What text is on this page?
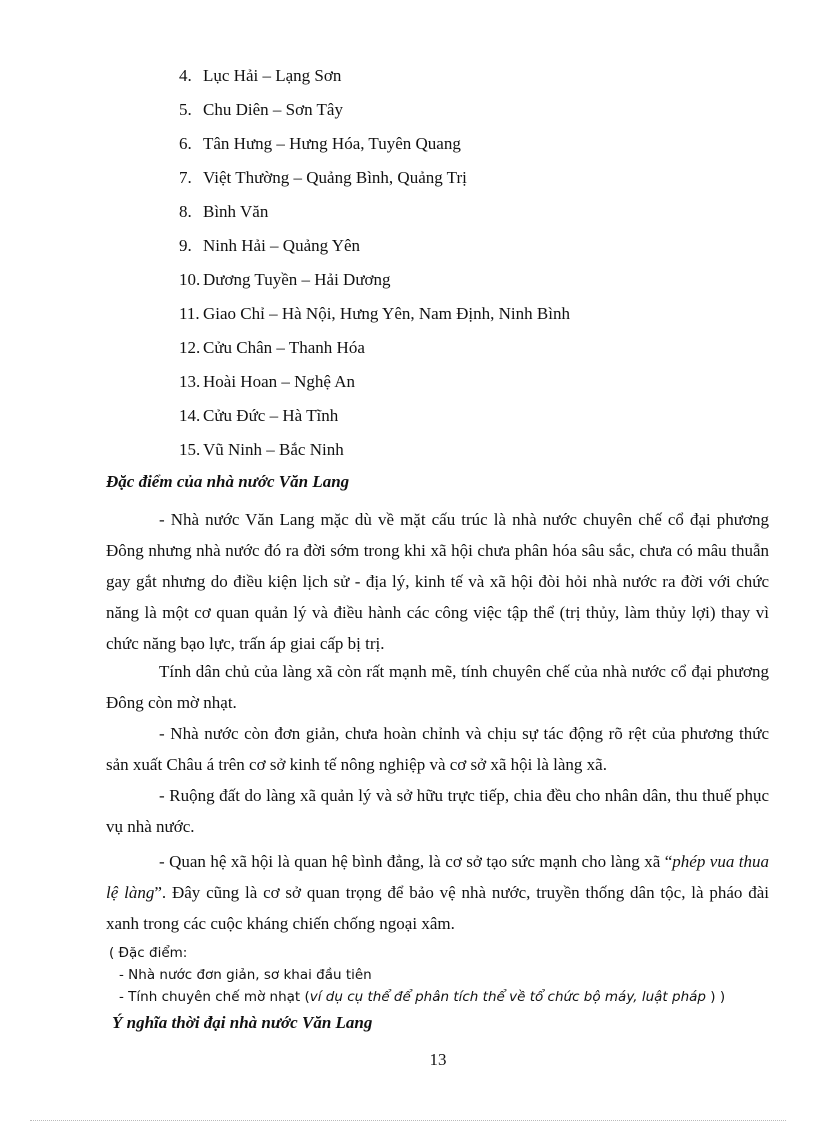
4. Lục Hải – Lạng Sơn
5. Chu Diên – Sơn Tây
6. Tân Hưng – Hưng Hóa, Tuyên Quang
7. Việt Thường – Quảng Bình, Quảng Trị
8. Bình Văn
9. Ninh Hải – Quảng Yên
10. Dương Tuyền – Hải Dương
11. Giao Chỉ – Hà Nội, Hưng Yên, Nam Định, Ninh Bình
12. Cửu Chân – Thanh Hóa
13. Hoài Hoan – Nghệ An
14. Cửu Đức – Hà Tĩnh
15. Vũ Ninh – Bắc Ninh
Đặc điểm của nhà nước Văn Lang

- Nhà nước Văn Lang mặc dù về mặt cấu trúc là nhà nước chuyên chế cổ đại phương Đông nhưng nhà nước đó ra đời sớm trong khi xã hội chưa phân hóa sâu sắc, chưa có mâu thuẫn gay gắt nhưng do điều kiện lịch sử - địa lý, kinh tế và xã hội đòi hỏi nhà nước ra đời với chức năng là một cơ quan quản lý và điều hành các công việc tập thể (trị thủy, làm thủy lợi) thay vì chức năng bạo lực, trấn áp giai cấp bị trị.

Tính dân chủ của làng xã còn rất mạnh mẽ, tính chuyên chế của nhà nước cổ đại phương Đông còn mờ nhạt.

- Nhà nước còn đơn giản, chưa hoàn chỉnh và chịu sự tác động rõ rệt của phương thức sản xuất Châu á trên cơ sở kinh tế nông nghiệp và cơ sở xã hội là làng xã.

- Ruộng đất do làng xã quản lý và sở hữu trực tiếp, chia đều cho nhân dân, thu thuế phục vụ nhà nước.

- Quan hệ xã hội là quan hệ bình đẳng, là cơ sở tạo sức mạnh cho làng xã “phép vua thua lệ làng”. Đây cũng là cơ sở quan trọng để bảo vệ nhà nước, truyền thống dân tộc, là pháo đài xanh trong các cuộc kháng chiến chống ngoại xâm.

( Đặc điểm:
- Nhà nước đơn giản, sơ khai đầu tiên
- Tính chuyên chế mờ nhạt (ví dụ cụ thể để phân tích thể về tổ chức bộ máy, luật pháp ) )
Ý nghĩa thời đại nhà nước Văn Lang
13
